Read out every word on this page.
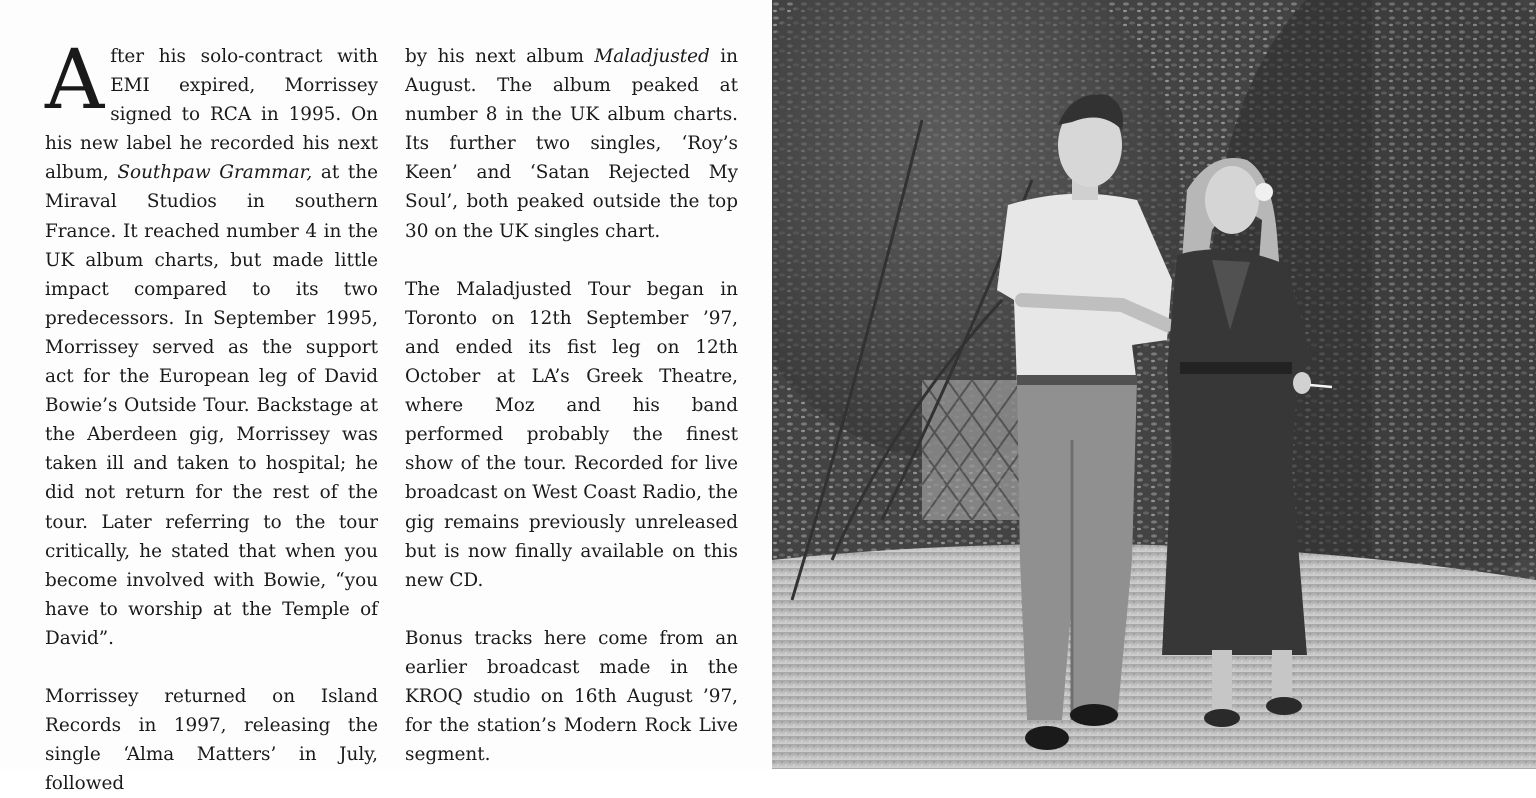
After his solo-contract with EMI expired, Morrissey signed to RCA in 1995. On his new label he recorded his next album, Southpaw Grammar, at the Miraval Studios in southern France. It reached number 4 in the UK album charts, but made little impact compared to its two predecessors. In September 1995, Morrissey served as the support act for the European leg of David Bowie’s Outside Tour. Backstage at the Aberdeen gig, Morrissey was taken ill and taken to hospital; he did not return for the rest of the tour. Later referring to the tour critically, he stated that when you become involved with Bowie, “you have to worship at the Temple of David”.

Morrissey returned on Island Records in 1997, releasing the single ‘Alma Matters’ in July, followed

by his next album Maladjusted in August. The album peaked at number 8 in the UK album charts. Its further two singles, ‘Roy’s Keen’ and ‘Satan Rejected My Soul’, both peaked outside the top 30 on the UK singles chart.

The Maladjusted Tour began in Toronto on 12th September ’97, and ended its fist leg on 12th October at LA’s Greek Theatre, where Moz and his band performed probably the finest show of the tour. Recorded for live broadcast on West Coast Radio, the gig remains previously unreleased but is now finally available on this new CD.

Bonus tracks here come from an earlier broadcast made in the KROQ studio on 16th August ’97, for the station’s Modern Rock Live segment.
